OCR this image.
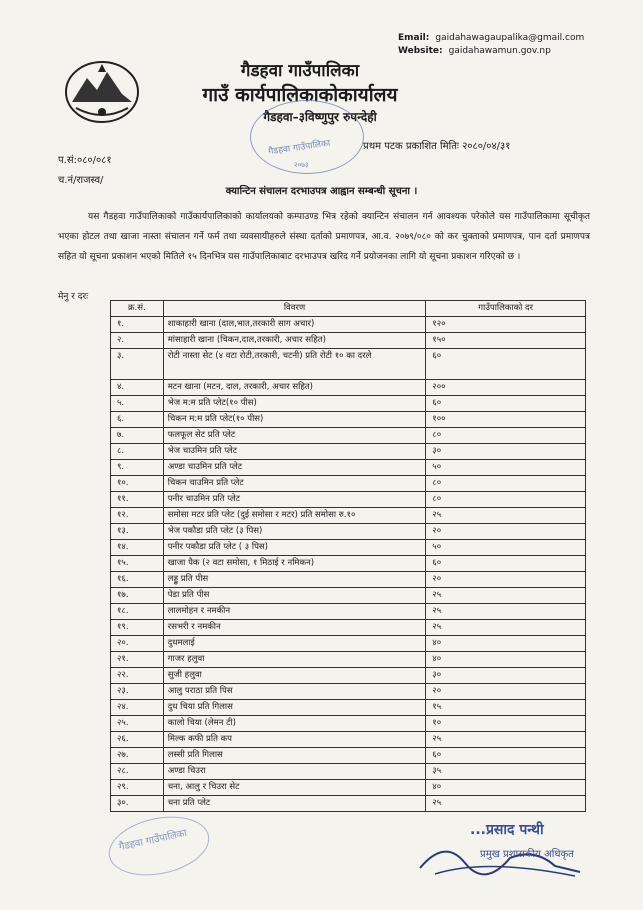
Email: gaidahawagaupalika@gmail.com
Website: gaidahawamun.gov.np
गैडहवा गाउँपालिका
गाउँ कार्यपालिकाकोकार्यालय
गैडहवा–३विष्णुपुर रुपन्देही
गैडहवा गाउँपालिका
२०७३
प.सं:०८०/०८१
च.नं/राजस्व/
प्रथम पटक प्रकाशित मितिः २०८०/०४/३१
क्यान्टिन संचालन दरभाउपत्र आह्वान सम्बन्धी सूचना ।
यस गैडहवा गाउँपालिकाको गाउँकार्यपालिकाको कार्यालयको कम्पाउण्ड भित्र रहेको क्यान्टिन संचालन गर्न आवश्यक परेकोले यस गाउँपालिकामा सूचीकृत भएका होटल तथा खाजा नास्ता संचालन गर्ने फर्म तथा व्यवसायीहरुले संस्था दर्ताको प्रमाणपत्र, आ.व. २०७९/०८० को कर चुक्ताको प्रमाणपत्र, पान दर्ता प्रमाणपत्र सहित यो सूचना प्रकाशन भएको मितिले १५ दिनभित्र यस गाउँपालिकाबाट दरभाउपत्र खरिद गर्ने प्रयोजनका लागि यो सूचना प्रकाशन गरिएको छ ।
मेनु र दरः
क्र.सं.	विवरण	गाउँपालिकाको दर
१.	शाकाहारी खाना (दाल,भात,तरकारी साग अचार)	१२०
२.	मांसाहारी खाना (चिकन,दाल,तरकारी, अचार सहित)	१५०
३.	रोटी नास्ता सेट (४ वटा रोटी,तरकारी, चटनी) प्रति रोटी १० का दरले	६०
४.	मटन खाना (मटन, दाल, तरकारी, अचार सहित)	२००
५.	भेज म:म प्रति प्लेट(१० पीस)	६०
६.	चिकन म:म प्रति प्लेट(१० पीस)	१००
७.	फलफूल सेट प्रति प्लेट	८०
८.	भेज चाउमिन प्रति प्लेट	३०
९.	अण्डा चाउमिन प्रति प्लेट	५०
१०.	चिकन चाउमिन प्रति प्लेट	८०
११.	पनीर चाउमिन प्रति प्लेट	८०
१२.	समोसा मटर प्रति प्लेट (दुई समोसा र मटर) प्रति समोसा रु.१०	२५
१३.	भेज पकौडा प्रति प्लेट (३ पिस)	२०
१४.	पनीर पकौडा प्रति प्लेट ( ३ पिस)	५०
१५.	खाजा पैक (२ वटा समोसा, १ मिठाई र नमिकन)	६०
१६.	लड्डु प्रति पीस	२०
१७.	पेडा प्रति पीस	२५
१८.	लालमोहन र नमकीन	२५
१९.	रसभरी र नमकीन	२५
२०.	दुधमलाई	४०
२१.	गाजर हलुवा	४०
२२.	सुजी हलुवा	३०
२३.	आलु पराठा प्रति पिस	२०
२४.	दुध चिया प्रति गिलास	१५
२५.	कालो चिया (लेमन टी)	१०
२६.	मिल्क कफी प्रति कप	२५
२७.	लस्सी प्रति गिलास	६०
२८.	अण्डा चिउरा	३५
२९.	चना, आलु र चिउरा सेट	४०
३०.	चना प्रति प्लेट	२५
गैडहवा गाउँपालिका	...प्रसाद पन्थी
प्रमुख प्रशासकीय अधिकृत
